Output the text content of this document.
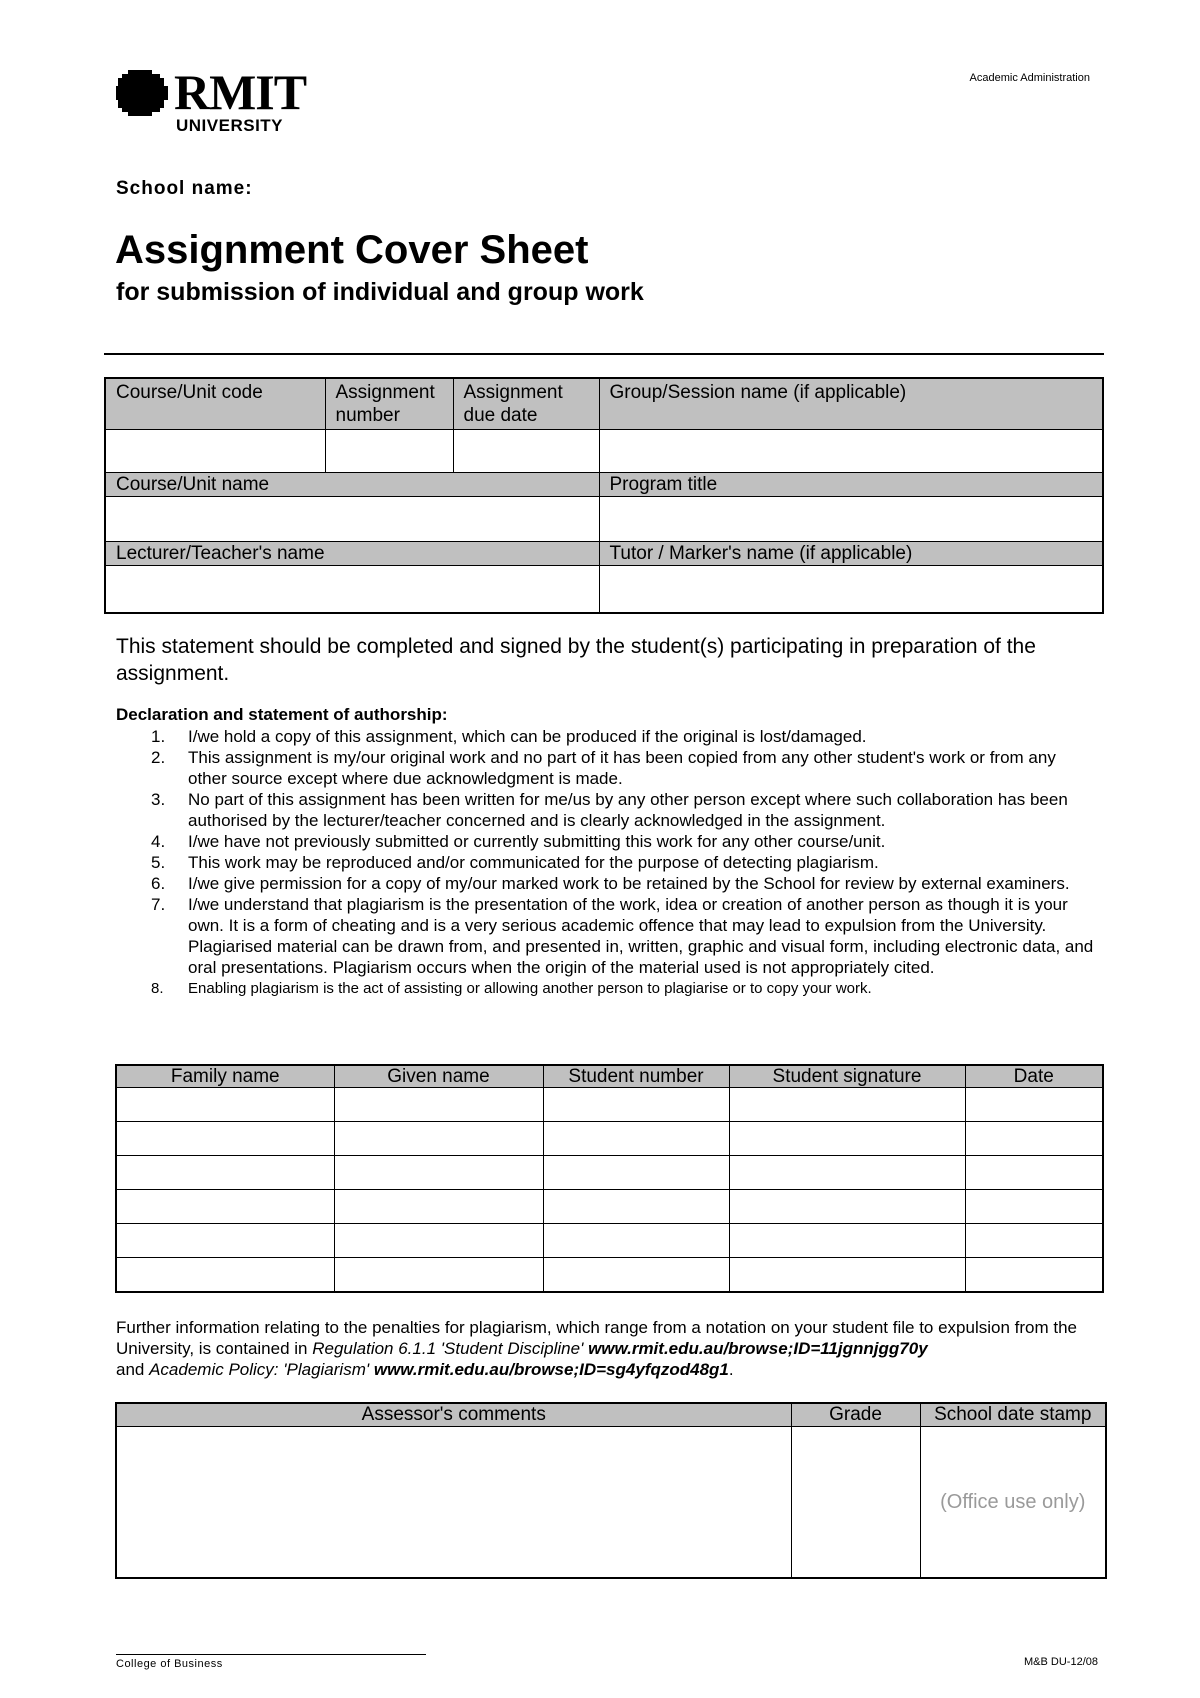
RMIT
UNIVERSITY
Academic Administration
School name:
Assignment Cover Sheet
for submission of individual and group work
Course/Unit code	Assignment number	Assignment due date	Group/Session name (if applicable)

Course/Unit name			Program title

Lecturer/Teacher's name			Tutor / Marker's name (if applicable)

This statement should be completed and signed by the student(s) participating in preparation of the assignment.
Declaration and statement of authorship:
1. I/we hold a copy of this assignment, which can be produced if the original is lost/damaged.
2. This assignment is my/our original work and no part of it has been copied from any other student's work or from any other source except where due acknowledgment is made.
3. No part of this assignment has been written for me/us by any other person except where such collaboration has been authorised by the lecturer/teacher concerned and is clearly acknowledged in the assignment.
4. I/we have not previously submitted or currently submitting this work for any other course/unit.
5. This work may be reproduced and/or communicated for the purpose of detecting plagiarism.
6. I/we give permission for a copy of my/our marked work to be retained by the School for review by external examiners.
7. I/we understand that plagiarism is the presentation of the work, idea or creation of another person as though it is your own. It is a form of cheating and is a very serious academic offence that may lead to expulsion from the University. Plagiarised material can be drawn from, and presented in, written, graphic and visual form, including electronic data, and oral presentations. Plagiarism occurs when the origin of the material used is not appropriately cited.
8. Enabling plagiarism is the act of assisting or allowing another person to plagiarise or to copy your work.
Family name	Given name	Student number	Student signature	Date

Further information relating to the penalties for plagiarism, which range from a notation on your student file to expulsion from the University, is contained in Regulation 6.1.1 'Student Discipline' www.rmit.edu.au/browse;ID=11jgnnjgg70y
and Academic Policy: 'Plagiarism' www.rmit.edu.au/browse;ID=sg4yfqzod48g1.
Assessor's comments	Grade	School date stamp
		(Office use only)
College of Business	M&B DU-12/08
